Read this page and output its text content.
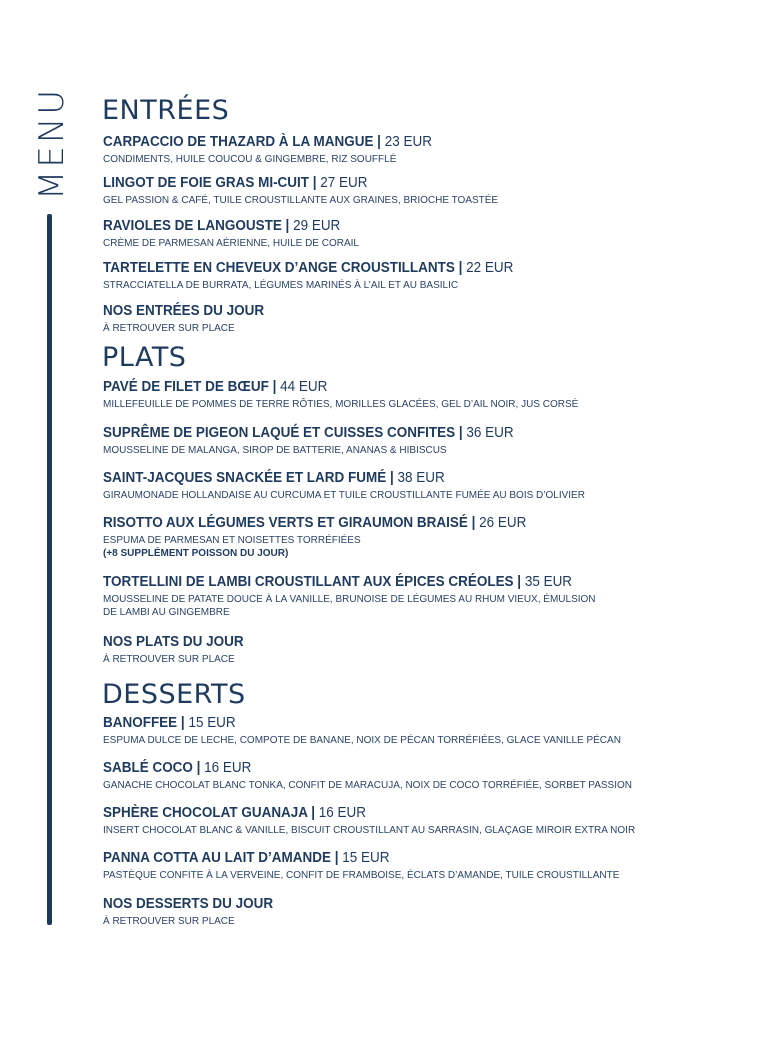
MENU ENTRÉES
CARPACCIO DE THAZARD À LA MANGUE | 23 EUR
CONDIMENTS, HUILE COUCOU & GINGEMBRE, RIZ SOUFFLÉ
LINGOT DE FOIE GRAS MI-CUIT | 27 EUR
GEL PASSION & CAFÉ, TUILE CROUSTILLANTE AUX GRAINES, BRIOCHE TOASTÉE
RAVIOLES DE LANGOUSTE | 29 EUR
CRÈME DE PARMESAN AÉRIENNE, HUILE DE CORAIL
TARTELETTE EN CHEVEUX D’ANGE CROUSTILLANTS | 22 EUR
STRACCIATELLA DE BURRATA, LÉGUMES MARINÉS À L’AIL ET AU BASILIC
NOS ENTRÉES DU JOUR
À RETROUVER SUR PLACE
PLATS
PAVÉ DE FILET DE BŒUF | 44 EUR
MILLEFEUILLE DE POMMES DE TERRE RÔTIES, MORILLES GLACÉES, GEL D’AIL NOIR, JUS CORSÉ
SUPRÊME DE PIGEON LAQUÉ ET CUISSES CONFITES | 36 EUR
MOUSSELINE DE MALANGA, SIROP DE BATTERIE, ANANAS & HIBISCUS
SAINT-JACQUES SNACKÉE ET LARD FUMÉ | 38 EUR
GIRAUMONADE HOLLANDAISE AU CURCUMA ET TUILE CROUSTILLANTE FUMÉE AU BOIS D’OLIVIER
RISOTTO AUX LÉGUMES VERTS ET GIRAUMON BRAISÉ | 26 EUR
ESPUMA DE PARMESAN ET NOISETTES TORRÉFIÉES
(+8 SUPPLÉMENT POISSON DU JOUR)
TORTELLINI DE LAMBI CROUSTILLANT AUX ÉPICES CRÉOLES | 35 EUR
MOUSSELINE DE PATATE DOUCE À LA VANILLE, BRUNOISE DE LÉGUMES AU RHUM VIEUX, ÉMULSION
DE LAMBI AU GINGEMBRE
NOS PLATS DU JOUR
À RETROUVER SUR PLACE
DESSERTS
BANOFFEE | 15 EUR
ESPUMA DULCE DE LECHE, COMPOTE DE BANANE, NOIX DE PÉCAN TORRÉFIÉES, GLACE VANILLE PÉCAN
SABLÉ COCO | 16 EUR
GANACHE CHOCOLAT BLANC TONKA, CONFIT DE MARACUJA, NOIX DE COCO TORRÉFIÉE, SORBET PASSION
SPHÈRE CHOCOLAT GUANAJA | 16 EUR
INSERT CHOCOLAT BLANC & VANILLE, BISCUIT CROUSTILLANT AU SARRASIN, GLAÇAGE MIROIR EXTRA NOIR
PANNA COTTA AU LAIT D’AMANDE | 15 EUR
PASTÈQUE CONFITE À LA VERVEINE, CONFIT DE FRAMBOISE, ÉCLATS D’AMANDE, TUILE CROUSTILLANTE
NOS DESSERTS DU JOUR
À RETROUVER SUR PLACE
